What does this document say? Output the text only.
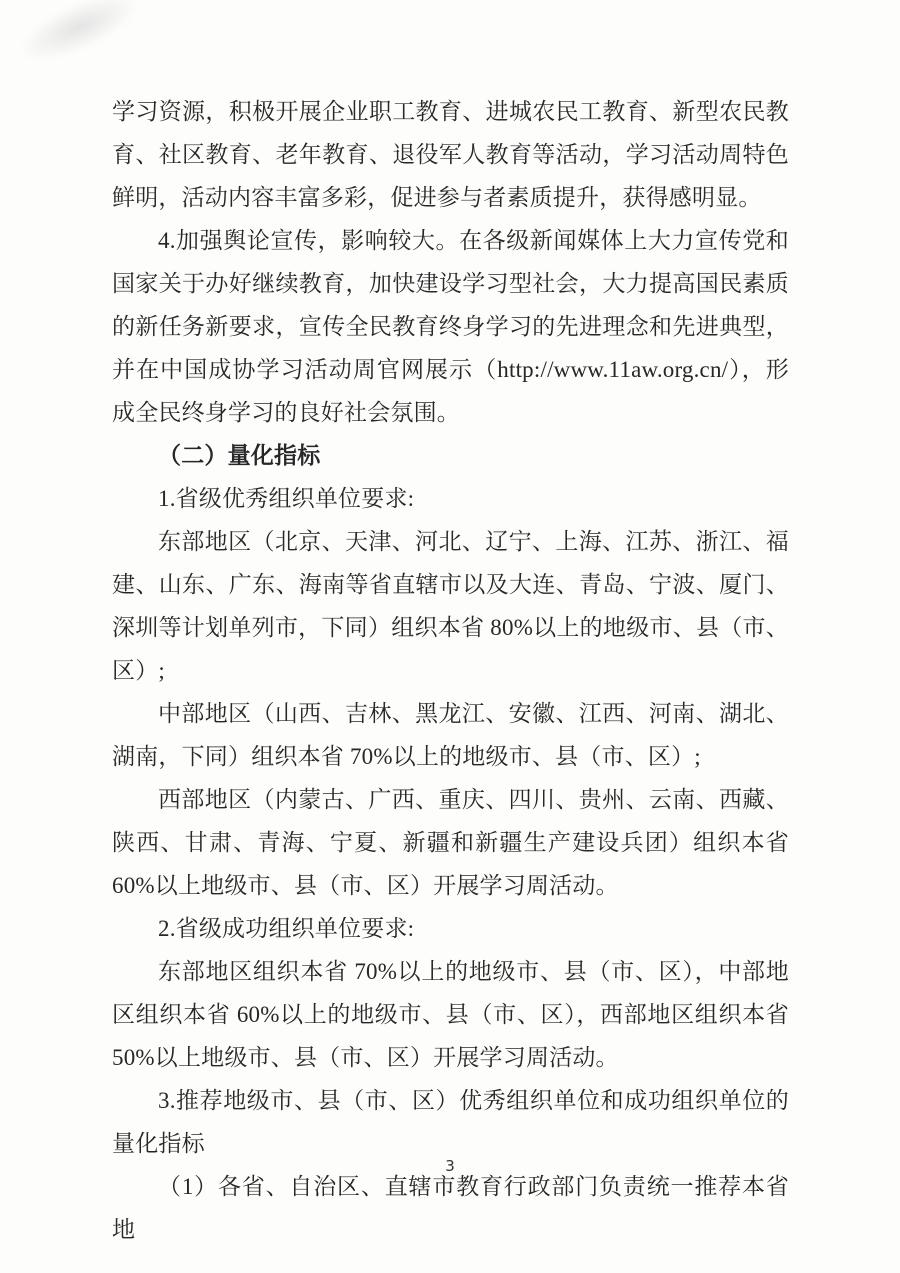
学习资源，积极开展企业职工教育、进城农民工教育、新型农民教育、社区教育、老年教育、退役军人教育等活动，学习活动周特色鲜明，活动内容丰富多彩，促进参与者素质提升，获得感明显。

4.加强舆论宣传，影响较大。在各级新闻媒体上大力宣传党和国家关于办好继续教育，加快建设学习型社会，大力提高国民素质的新任务新要求，宣传全民教育终身学习的先进理念和先进典型，并在中国成协学习活动周官网展示（http://www.11aw.org.cn/），形成全民终身学习的良好社会氛围。

（二）量化指标

1.省级优秀组织单位要求:

东部地区（北京、天津、河北、辽宁、上海、江苏、浙江、福建、山东、广东、海南等省直辖市以及大连、青岛、宁波、厦门、深圳等计划单列市，下同）组织本省 80%以上的地级市、县（市、区）;

中部地区（山西、吉林、黑龙江、安徽、江西、河南、湖北、湖南，下同）组织本省 70%以上的地级市、县（市、区）;

西部地区（内蒙古、广西、重庆、四川、贵州、云南、西藏、陕西、甘肃、青海、宁夏、新疆和新疆生产建设兵团）组织本省 60%以上地级市、县（市、区）开展学习周活动。

2.省级成功组织单位要求:

东部地区组织本省 70%以上的地级市、县（市、区），中部地区组织本省 60%以上的地级市、县（市、区），西部地区组织本省 50%以上地级市、县（市、区）开展学习周活动。

3.推荐地级市、县（市、区）优秀组织单位和成功组织单位的量化指标

（1）各省、自治区、直辖市教育行政部门负责统一推荐本省地

3
